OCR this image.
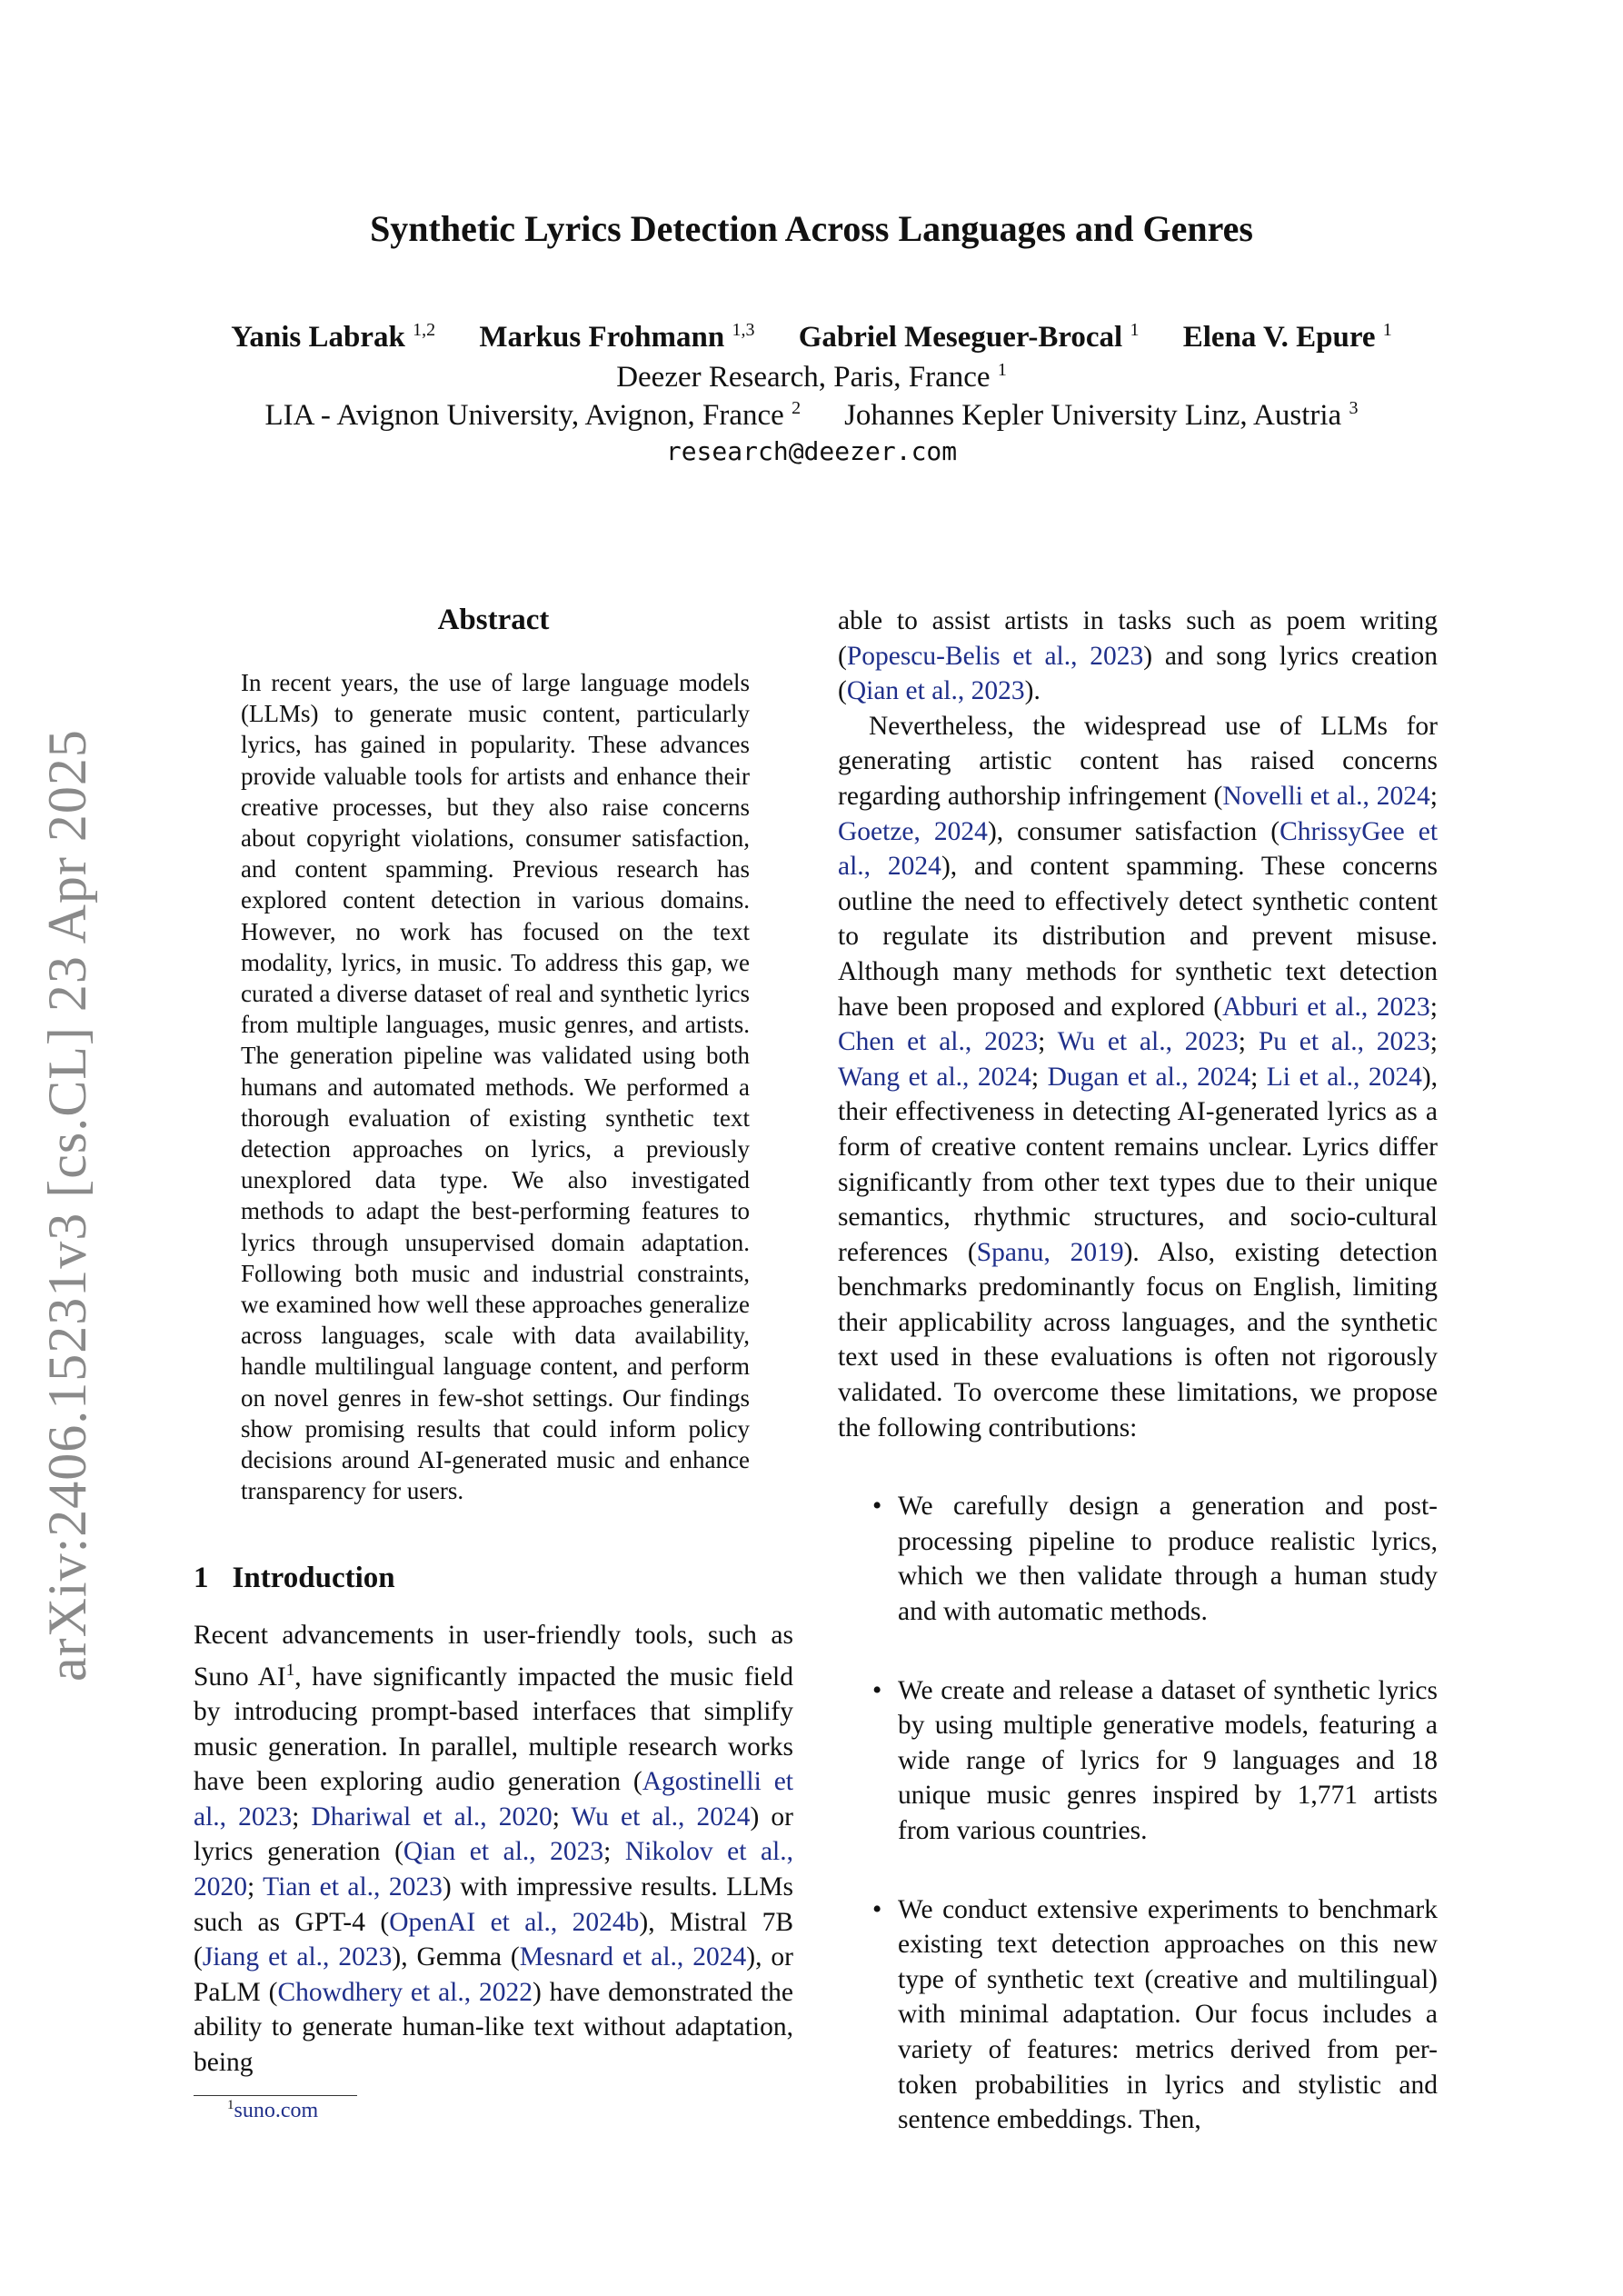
arXiv:2406.15231v3 [cs.CL] 23 Apr 2025
Synthetic Lyrics Detection Across Languages and Genres
Yanis Labrak $^{1,2}$ Markus Frohmann $^{1,3}$ Gabriel Meseguer-Brocal $^1$ Elena V. Epure $^1$
Deezer Research, Paris, France $^1$
LIA - Avignon University, Avignon, France $^2$ Johannes Kepler University Linz, Austria $^3$
research@deezer.com
Abstract
In recent years, the use of large language models (LLMs) to generate music content, particularly lyrics, has gained in popularity. These advances provide valuable tools for artists and enhance their creative processes, but they also raise concerns about copyright violations, consumer satisfaction, and content spamming. Previous research has explored content detection in various domains. However, no work has focused on the text modality, lyrics, in music. To address this gap, we curated a diverse dataset of real and synthetic lyrics from multiple languages, music genres, and artists. The generation pipeline was validated using both humans and automated methods. We performed a thorough evaluation of existing synthetic text detection approaches on lyrics, a previously unexplored data type. We also investigated methods to adapt the best-performing features to lyrics through unsupervised domain adaptation. Following both music and industrial constraints, we examined how well these approaches generalize across languages, scale with data availability, handle multilingual language content, and perform on novel genres in few-shot settings. Our findings show promising results that could inform policy decisions around AI-generated music and enhance transparency for users.
1 Introduction
Recent advancements in user-friendly tools, such as Suno AI$^1$, have significantly impacted the music field by introducing prompt-based interfaces that simplify music generation. In parallel, multiple research works have been exploring audio generation (Agostinelli et al., 2023; Dhariwal et al., 2020; Wu et al., 2024) or lyrics generation (Qian et al., 2023; Nikolov et al., 2020; Tian et al., 2023) with impressive results. LLMs such as GPT-4 (OpenAI et al., 2024b), Mistral 7B (Jiang et al., 2023), Gemma (Mesnard et al., 2024), or PaLM (Chowdhery et al., 2022) have demonstrated the ability to generate human-like text without adaptation, being
$^1$suno.com

able to assist artists in tasks such as poem writing (Popescu-Belis et al., 2023) and song lyrics creation (Qian et al., 2023).

Nevertheless, the widespread use of LLMs for generating artistic content has raised concerns regarding authorship infringement (Novelli et al., 2024; Goetze, 2024), consumer satisfaction (ChrissyGee et al., 2024), and content spamming. These concerns outline the need to effectively detect synthetic content to regulate its distribution and prevent misuse. Although many methods for synthetic text detection have been proposed and explored (Abburi et al., 2023; Chen et al., 2023; Wu et al., 2023; Pu et al., 2023; Wang et al., 2024; Dugan et al., 2024; Li et al., 2024), their effectiveness in detecting AI-generated lyrics as a form of creative content remains unclear. Lyrics differ significantly from other text types due to their unique semantics, rhythmic structures, and socio-cultural references (Spanu, 2019). Also, existing detection benchmarks predominantly focus on English, limiting their applicability across languages, and the synthetic text used in these evaluations is often not rigorously validated. To overcome these limitations, we propose the following contributions:

• We carefully design a generation and post-processing pipeline to produce realistic lyrics, which we then validate through a human study and with automatic methods.
• We create and release a dataset of synthetic lyrics by using multiple generative models, featuring a wide range of lyrics for 9 languages and 18 unique music genres inspired by 1,771 artists from various countries.
• We conduct extensive experiments to benchmark existing text detection approaches on this new type of synthetic text (creative and multilingual) with minimal adaptation. Our focus includes a variety of features: metrics derived from per-token probabilities in lyrics and stylistic and sentence embeddings. Then,
